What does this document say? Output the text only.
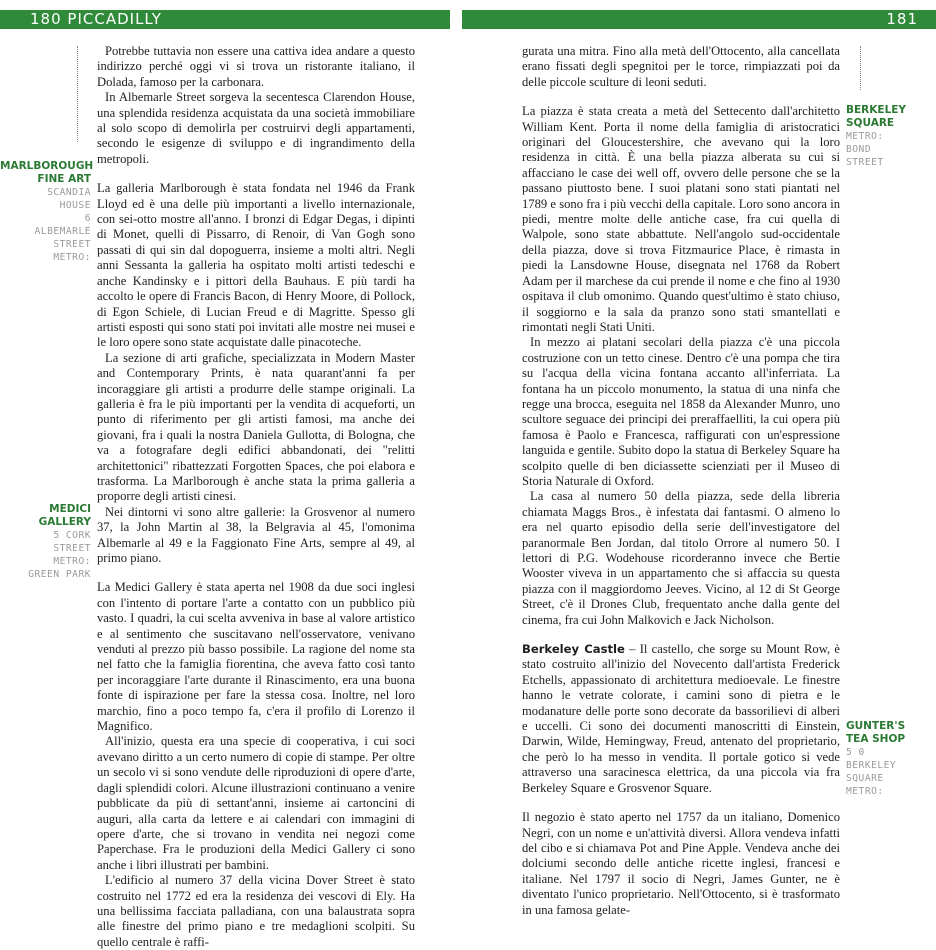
180 PICCADILLY	181
MARLBOROUGH
FINE ART
SCANDIA
HOUSE
6
ALBEMARLE
STREET
METRO:
MEDICI GALLERY
5 CORK
STREET
METRO:
GREEN PARK

Potrebbe tuttavia non essere una cattiva idea andare a questo indirizzo perché oggi vi si trova un ristorante italiano, il Dolada, famoso per la carbonara.

In Albemarle Street sorgeva la secentesca Clarendon House, una splendida residenza acquistata da una società immobiliare al solo scopo di demolirla per costruirvi degli appartamenti, secondo le esigenze di sviluppo e di ingrandimento della metropoli.

La galleria Marlborough è stata fondata nel 1946 da Frank Lloyd ed è una delle più importanti a livello internazionale, con sei-otto mostre all'anno. I bronzi di Edgar Degas, i dipinti di Monet, quelli di Pissarro, di Renoir, di Van Gogh sono passati di qui sin dal dopoguerra, insieme a molti altri. Negli anni Sessanta la galleria ha ospitato molti artisti tedeschi e anche Kandinsky e i pittori della Bauhaus. E più tardi ha accolto le opere di Francis Bacon, di Henry Moore, di Pollock, di Egon Schiele, di Lucian Freud e di Magritte. Spesso gli artisti esposti qui sono stati poi invitati alle mostre nei musei e le loro opere sono state acquistate dalle pinacoteche.

La sezione di arti grafiche, specializzata in Modern Master and Contemporary Prints, è nata quarant'anni fa per incoraggiare gli artisti a produrre delle stampe originali. La galleria è fra le più importanti per la vendita di acqueforti, un punto di riferimento per gli artisti famosi, ma anche dei giovani, fra i quali la nostra Daniela Gullotta, di Bologna, che va a fotografare degli edifici abbandonati, dei "relitti architettonici" ribattezzati Forgotten Spaces, che poi elabora e trasforma. La Marlborough è anche stata la prima galleria a proporre degli artisti cinesi.

Nei dintorni vi sono altre gallerie: la Grosvenor al numero 37, la John Martin al 38, la Belgravia al 45, l'omonima Albemarle al 49 e la Faggionato Fine Arts, sempre al 49, al primo piano.

La Medici Gallery è stata aperta nel 1908 da due soci inglesi con l'intento di portare l'arte a contatto con un pubblico più vasto. I quadri, la cui scelta avveniva in base al valore artistico e al sentimento che suscitavano nell'osservatore, venivano venduti al prezzo più basso possibile. La ragione del nome sta nel fatto che la famiglia fiorentina, che aveva fatto così tanto per incoraggiare l'arte durante il Rinascimento, era una buona fonte di ispirazione per fare la stessa cosa. Inoltre, nel loro marchio, fino a poco tempo fa, c'era il profilo di Lorenzo il Magnifico.

All'inizio, questa era una specie di cooperativa, i cui soci avevano diritto a un certo numero di copie di stampe. Per oltre un secolo vi si sono vendute delle riproduzioni di opere d'arte, dagli splendidi colori. Alcune illustrazioni continuano a venire pubblicate da più di settant'anni, insieme ai cartoncini di auguri, alla carta da lettere e ai calendari con immagini di opere d'arte, che si trovano in vendita nei negozi come Paperchase. Fra le produzioni della Medici Gallery ci sono anche i libri illustrati per bambini.

L'edificio al numero 37 della vicina Dover Street è stato costruito nel 1772 ed era la residenza dei vescovi di Ely. Ha una bellissima facciata palladiana, con una balaustrata sopra alle finestre del primo piano e tre medaglioni scolpiti. Su quello centrale è raffi-

BERKELEY
SQUARE
METRO:
BOND
STREET
GUNTER'S
TEA SHOP
5 0
BERKELEY
SQUARE
METRO:

gurata una mitra. Fino alla metà dell'Ottocento, alla cancellata erano fissati degli spegnitoi per le torce, rimpiazzati poi da delle piccole sculture di leoni seduti.

La piazza è stata creata a metà del Settecento dall'architetto William Kent. Porta il nome della famiglia di aristocratici originari del Gloucestershire, che avevano qui la loro residenza in città. È una bella piazza alberata su cui si affacciano le case dei well off, ovvero delle persone che se la passano piuttosto bene. I suoi platani sono stati piantati nel 1789 e sono fra i più vecchi della capitale. Loro sono ancora in piedi, mentre molte delle antiche case, fra cui quella di Walpole, sono state abbattute. Nell'angolo sud-occidentale della piazza, dove si trova Fitzmaurice Place, è rimasta in piedi la Lansdowne House, disegnata nel 1768 da Robert Adam per il marchese da cui prende il nome e che fino al 1930 ospitava il club omonimo. Quando quest'ultimo è stato chiuso, il soggiorno e la sala da pranzo sono stati smantellati e rimontati negli Stati Uniti.

In mezzo ai platani secolari della piazza c'è una piccola costruzione con un tetto cinese. Dentro c'è una pompa che tira su l'acqua della vicina fontana accanto all'inferriata. La fontana ha un piccolo monumento, la statua di una ninfa che regge una brocca, eseguita nel 1858 da Alexander Munro, uno scultore seguace dei principi dei preraffaelliti, la cui opera più famosa è Paolo e Francesca, raffigurati con un'espressione languida e gentile. Subito dopo la statua di Berkeley Square ha scolpito quelle di ben diciassette scienziati per il Museo di Storia Naturale di Oxford.

La casa al numero 50 della piazza, sede della libreria chiamata Maggs Bros., è infestata dai fantasmi. O almeno lo era nel quarto episodio della serie dell'investigatore del paranormale Ben Jordan, dal titolo Orrore al numero 50. I lettori di P.G. Wodehouse ricorderanno invece che Bertie Wooster viveva in un appartamento che si affaccia su questa piazza con il maggiordomo Jeeves. Vicino, al 12 di St George Street, c'è il Drones Club, frequentato anche dalla gente del cinema, fra cui John Malkovich e Jack Nicholson.

Berkeley Castle – Il castello, che sorge su Mount Row, è stato costruito all'inizio del Novecento dall'artista Frederick Etchells, appassionato di architettura medioevale. Le finestre hanno le vetrate colorate, i camini sono di pietra e le modanature delle porte sono decorate da bassorilievi di alberi e uccelli. Ci sono dei documenti manoscritti di Einstein, Darwin, Wilde, Hemingway, Freud, antenato del proprietario, che però lo ha messo in vendita. Il portale gotico si vede attraverso una saracinesca elettrica, da una piccola via fra Berkeley Square e Grosvenor Square.

Il negozio è stato aperto nel 1757 da un italiano, Domenico Negri, con un nome e un'attività diversi. Allora vendeva infatti del cibo e si chiamava Pot and Pine Apple. Vendeva anche dei dolciumi secondo delle antiche ricette inglesi, francesi e italiane. Nel 1797 il socio di Negri, James Gunter, ne è diventato l'unico proprietario. Nell'Ottocento, si è trasformato in una famosa gelate-
